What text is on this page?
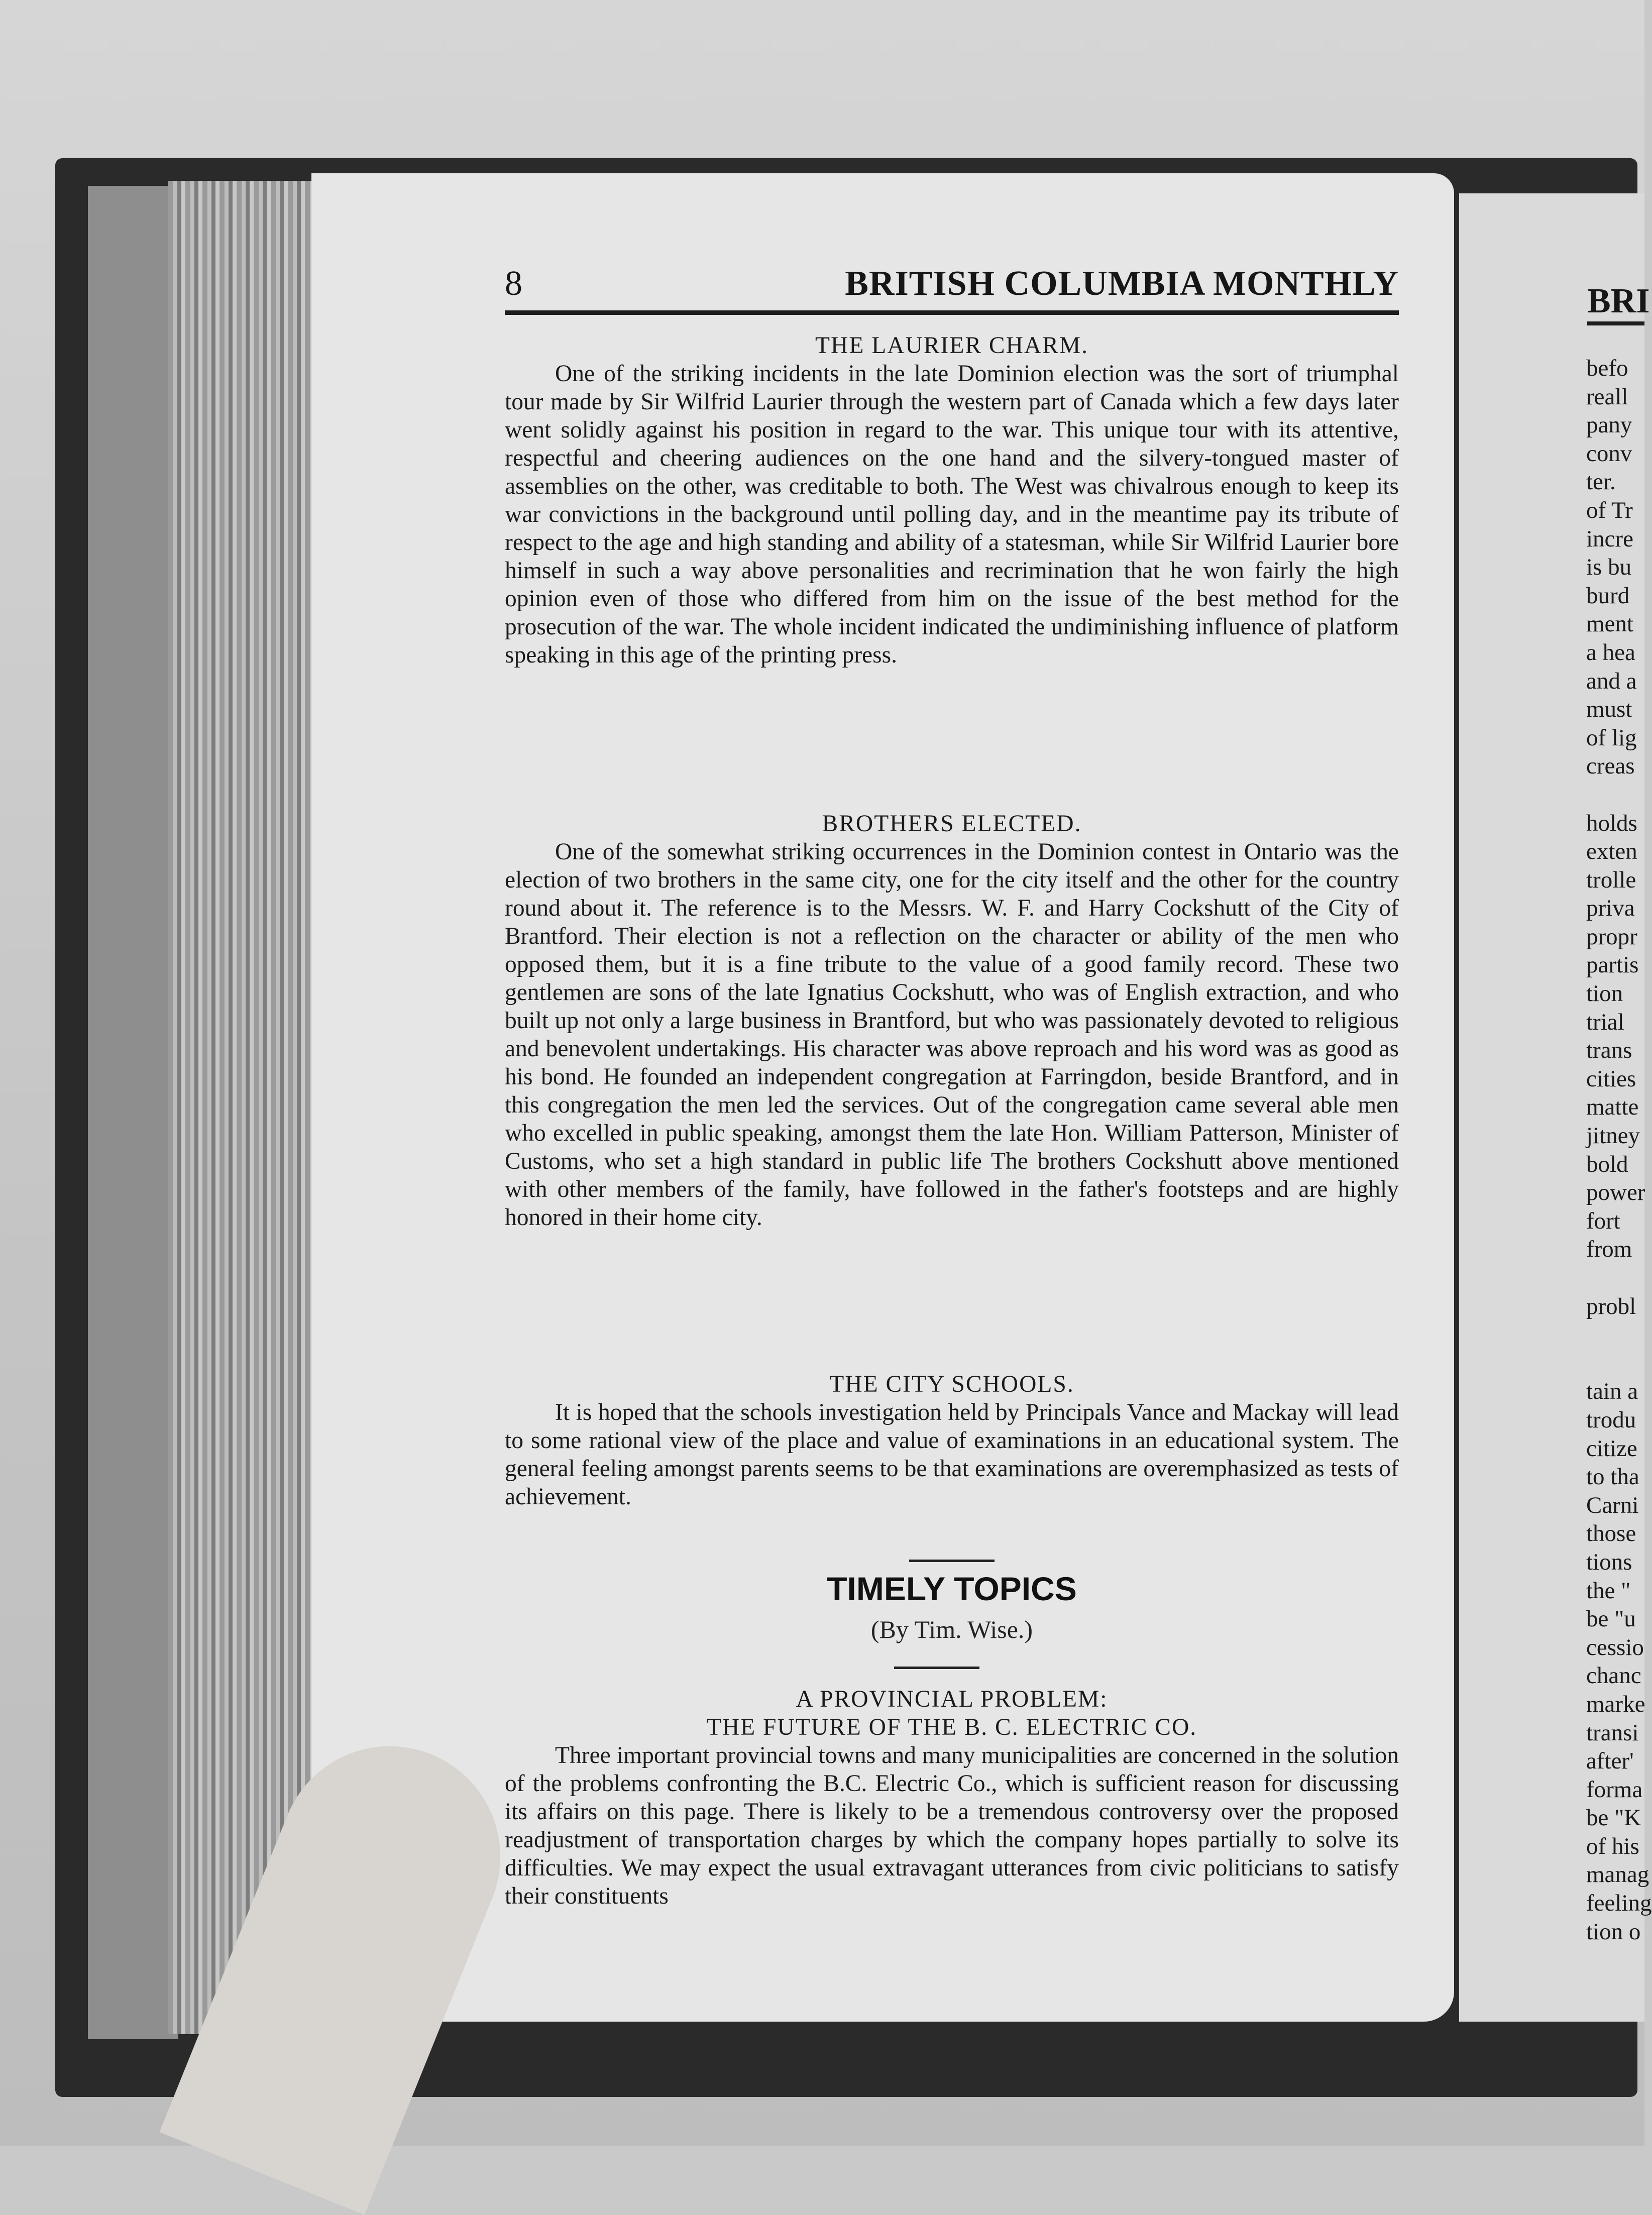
8	BRITISH COLUMBIA MONTHLY
THE LAURIER CHARM.

One of the striking incidents in the late Dominion election was the sort of triumphal tour made by Sir Wilfrid Laurier through the western part of Canada which a few days later went solidly against his position in regard to the war. This unique tour with its attentive, respectful and cheering audiences on the one hand and the silvery-tongued master of assemblies on the other, was creditable to both. The West was chivalrous enough to keep its war convictions in the background until polling day, and in the meantime pay its tribute of respect to the age and high standing and ability of a statesman, while Sir Wilfrid Laurier bore himself in such a way above personalities and recrimination that he won fairly the high opinion even of those who differed from him on the issue of the best method for the prosecution of the war. The whole incident indicated the undiminishing influence of platform speaking in this age of the printing press.

BROTHERS ELECTED.

One of the somewhat striking occurrences in the Dominion contest in Ontario was the election of two brothers in the same city, one for the city itself and the other for the country round about it. The reference is to the Messrs. W. F. and Harry Cockshutt of the City of Brantford. Their election is not a reflection on the character or ability of the men who opposed them, but it is a fine tribute to the value of a good family record. These two gentlemen are sons of the late Ignatius Cockshutt, who was of English extraction, and who built up not only a large business in Brantford, but who was passionately devoted to religious and benevolent undertakings. His character was above reproach and his word was as good as his bond. He founded an independent congregation at Farringdon, beside Brantford, and in this congregation the men led the services. Out of the congregation came several able men who excelled in public speaking, amongst them the late Hon. William Patterson, Minister of Customs, who set a high standard in public life The brothers Cockshutt above mentioned with other members of the family, have followed in the father's footsteps and are highly honored in their home city.

THE CITY SCHOOLS.

It is hoped that the schools investigation held by Principals Vance and Mackay will lead to some rational view of the place and value of examinations in an educational system. The general feeling amongst parents seems to be that examinations are overemphasized as tests of achievement.

TIMELY TOPICS
(By Tim. Wise.)
A PROVINCIAL PROBLEM:
THE FUTURE OF THE B. C. ELECTRIC CO.

Three important provincial towns and many municipalities are concerned in the solution of the problems confronting the B.C. Electric Co., which is sufficient reason for discussing its affairs on this page. There is likely to be a tremendous controversy over the proposed readjustment of transportation charges by which the company hopes partially to solve its difficulties. We may expect the usual extravagant utterances from civic politicians to satisfy their constituents

BRI
befo
reall
pany
conv
ter.
of Tr
incre
is bu
burd
ment
a hea
and a
must
of lig
creas
holds
exten
trolle
priva
propr
partis
tion
trial
trans
cities
matte
jitney
bold
power
fort
from
probl
tain a
trodu
citize
to tha
Carni
those
tions
the "
be "u
cessio
chanc
marke
transi
after'
forma
be "K
of his
manag
feeling
tion o
